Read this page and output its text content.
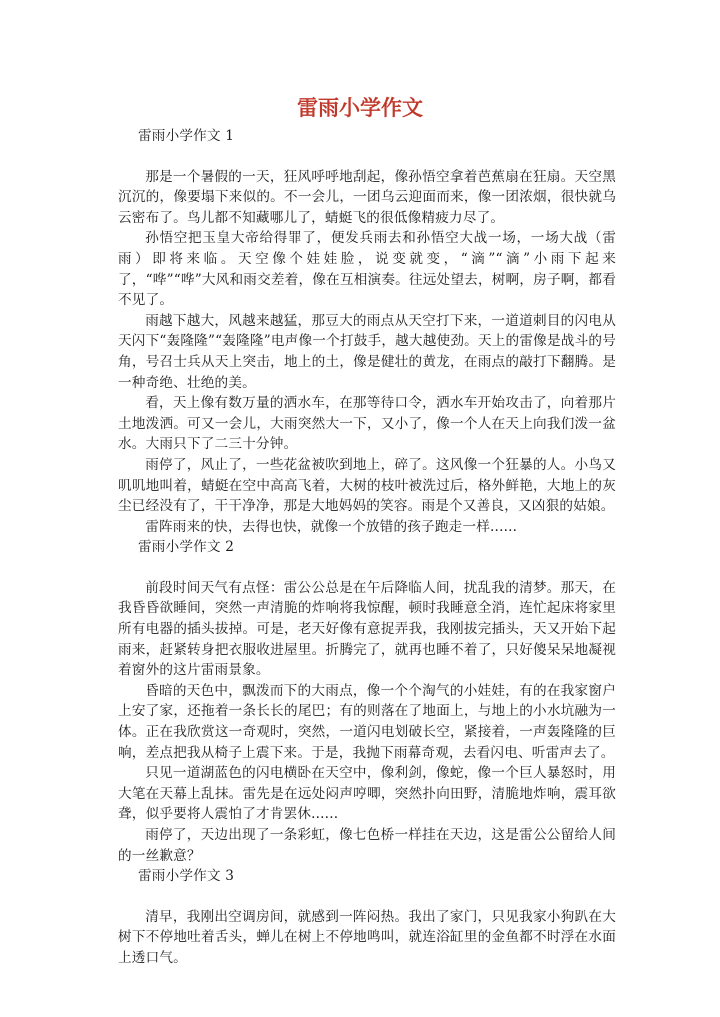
雷雨小学作文
雷雨小学作文 1

那是一个暑假的一天，狂风呼呼地刮起，像孙悟空拿着芭蕉扇在狂扇。天空黑沉沉的，像要塌下来似的。不一会儿，一团乌云迎面而来，像一团浓烟，很快就乌云密布了。鸟儿都不知藏哪儿了，蜻蜓飞的很低像精疲力尽了。

孙悟空把玉皇大帝给得罪了，便发兵雨去和孙悟空大战一场，一场大战（雷雨）即将来临。天空像个娃娃脸，说变就变，“滴”“滴”小雨下起来了，“哗”“哗”大风和雨交差着，像在互相演奏。往远处望去，树啊，房子啊，都看不见了。

雨越下越大，风越来越猛，那豆大的雨点从天空打下来，一道道刺目的闪电从天闪下“轰隆隆”“轰隆隆”电声像一个打鼓手，越大越使劲。天上的雷像是战斗的号角，号召士兵从天上突击，地上的土，像是健壮的黄龙，在雨点的敲打下翻腾。是一种奇绝、壮绝的美。

看，天上像有数万量的洒水车，在那等待口令，洒水车开始攻击了，向着那片土地泼洒。可又一会儿，大雨突然大一下，又小了，像一个人在天上向我们泼一盆水。大雨只下了二三十分钟。

雨停了，风止了，一些花盆被吹到地上，碎了。这风像一个狂暴的人。小鸟又叽叽地叫着，蜻蜓在空中高高飞着，大树的枝叶被洗过后，格外鲜艳，大地上的灰尘已经没有了，干干净净，那是大地妈妈的笑容。雨是个又善良，又凶狠的姑娘。

雷阵雨来的快，去得也快，就像一个放错的孩子跑走一样......

雷雨小学作文 2

前段时间天气有点怪：雷公公总是在午后降临人间，扰乱我的清梦。那天，在我昏昏欲睡间，突然一声清脆的炸响将我惊醒，顿时我睡意全消，连忙起床将家里所有电器的插头拔掉。可是，老天好像有意捉弄我，我刚拔完插头，天又开始下起雨来，赶紧转身把衣服收进屋里。折腾完了，就再也睡不着了，只好傻呆呆地凝视着窗外的这片雷雨景象。

昏暗的天色中，飘泼而下的大雨点，像一个个淘气的小娃娃，有的在我家窗户上安了家，还拖着一条长长的尾巴；有的则落在了地面上，与地上的小水坑融为一体。正在我欣赏这一奇观时，突然，一道闪电划破长空，紧接着，一声轰隆隆的巨响，差点把我从椅子上震下来。于是，我抛下雨幕奇观，去看闪电、听雷声去了。

只见一道湖蓝色的闪电横卧在天空中，像利剑，像蛇，像一个巨人暴怒时，用大笔在天幕上乱抹。雷先是在远处闷声哼唧，突然扑向田野，清脆地炸响，震耳欲聋，似乎要将人震怕了才肯罢休......

雨停了，天边出现了一条彩虹，像七色桥一样挂在天边，这是雷公公留给人间的一丝歉意？

雷雨小学作文 3

清早，我刚出空调房间，就感到一阵闷热。我出了家门，只见我家小狗趴在大树下不停地吐着舌头，蝉儿在树上不停地鸣叫，就连浴缸里的金鱼都不时浮在水面上透口气。
